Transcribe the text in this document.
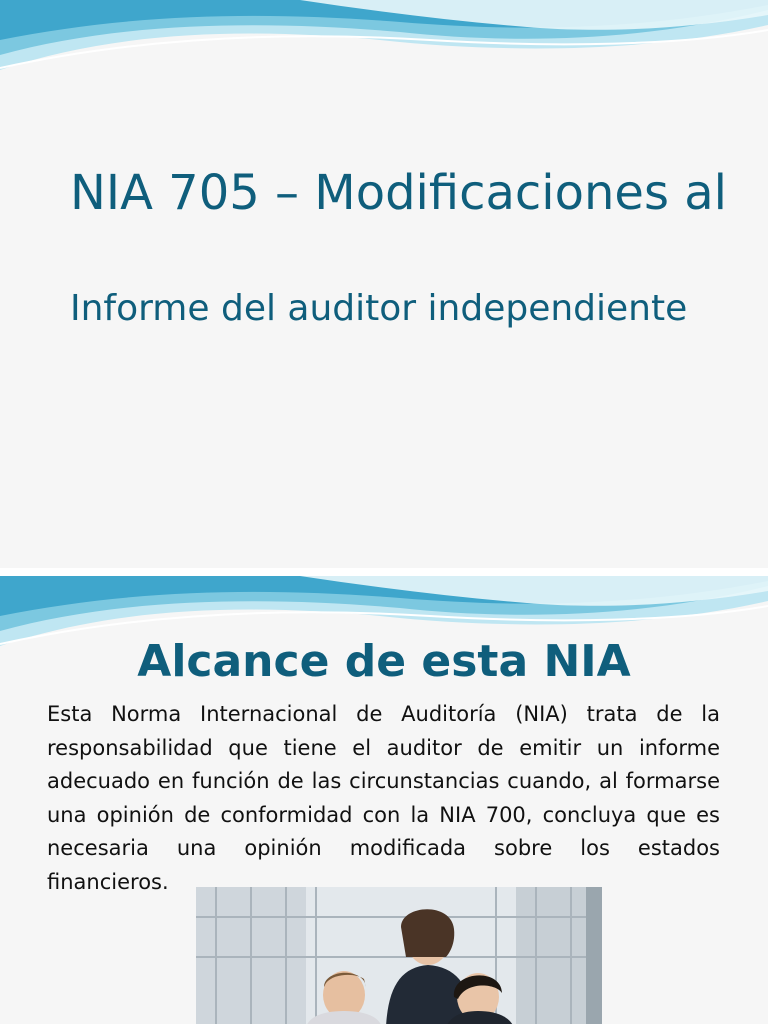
NIA 705 – Modificaciones al

Informe del auditor independiente

Alcance de esta NIA

Esta Norma Internacional de Auditoría (NIA) trata de la responsabilidad que tiene el auditor de emitir un informe adecuado en función de las circunstancias cuando, al formarse una opinión de conformidad con la NIA 700, concluya que es necesaria una opinión modificada sobre los estados financieros.
